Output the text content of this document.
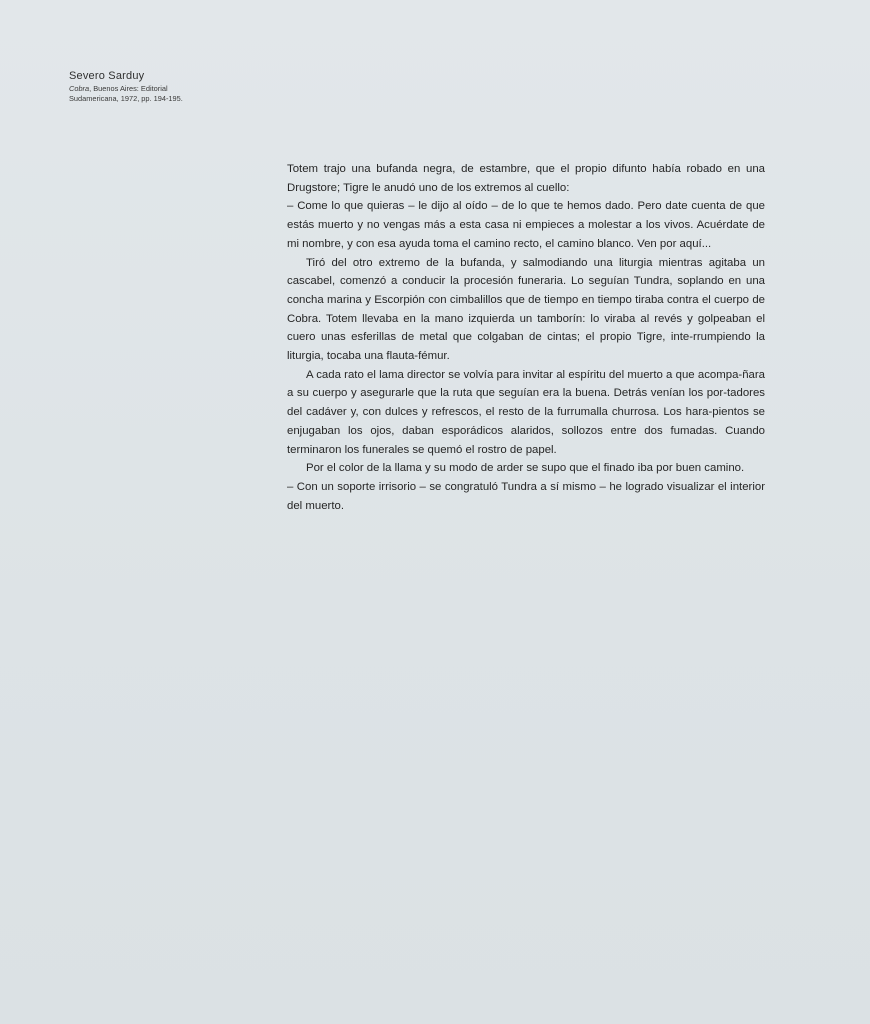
Severo Sarduy
Cobra, Buenos Aires: Editorial
Sudamericana, 1972, pp. 194-195.

Totem trajo una bufanda negra, de estambre, que el propio difunto había robado en una Drugstore; Tigre le anudó uno de los extremos al cuello:

– Come lo que quieras – le dijo al oído – de lo que te hemos dado. Pero date cuenta de que estás muerto y no vengas más a esta casa ni empieces a molestar a los vivos. Acuérdate de mi nombre, y con esa ayuda toma el camino recto, el camino blanco. Ven por aquí...

Tiró del otro extremo de la bufanda, y salmodiando una liturgia mientras agitaba un cascabel, comenzó a conducir la procesión funeraria. Lo seguían Tundra, soplando en una concha marina y Escorpión con cimbalillos que de tiempo en tiempo tiraba contra el cuerpo de Cobra. Totem llevaba en la mano izquierda un tamborín: lo viraba al revés y golpeaban el cuero unas esferillas de metal que colgaban de cintas; el propio Tigre, inte-rrumpiendo la liturgia, tocaba una flauta-fémur.

A cada rato el lama director se volvía para invitar al espíritu del muerto a que acompa-ñara a su cuerpo y asegurarle que la ruta que seguían era la buena. Detrás venían los por-tadores del cadáver y, con dulces y refrescos, el resto de la furrumalla churrosa. Los hara-pientos se enjugaban los ojos, daban esporádicos alaridos, sollozos entre dos fumadas. Cuando terminaron los funerales se quemó el rostro de papel.

Por el color de la llama y su modo de arder se supo que el finado iba por buen camino.

– Con un soporte irrisorio – se congratuló Tundra a sí mismo – he logrado visualizar el interior del muerto.
